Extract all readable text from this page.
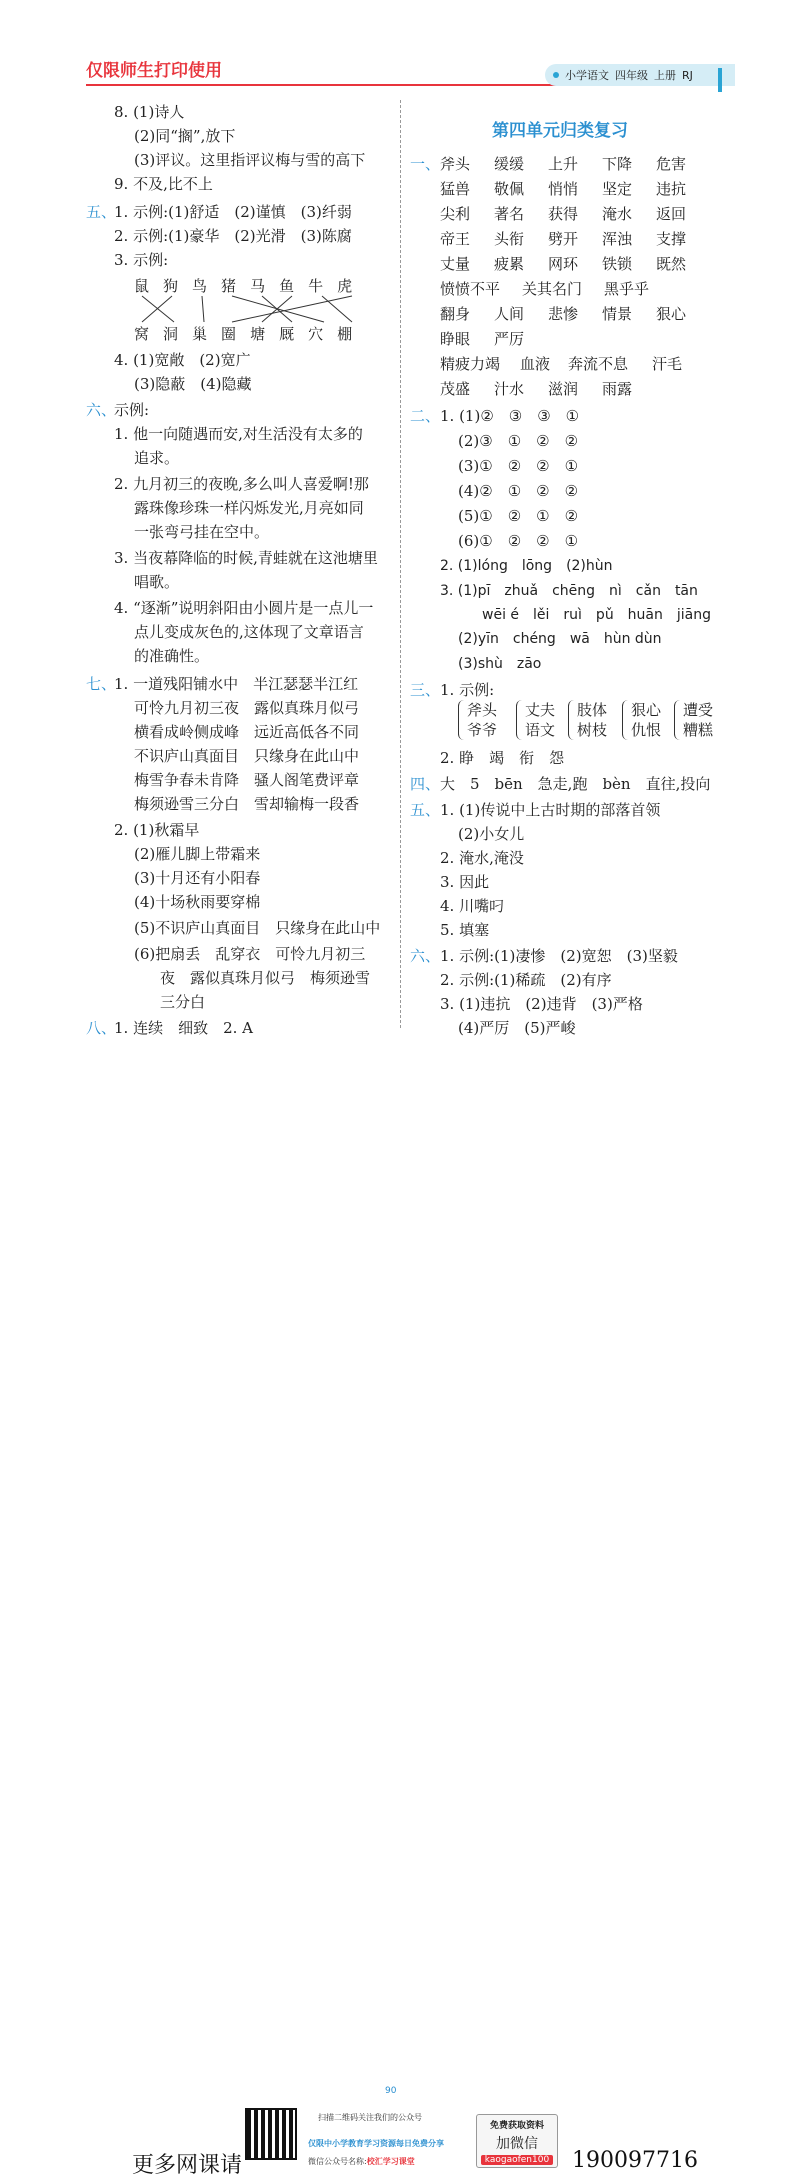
仅限师生打印使用	小学语文 四年级 上册 RJ
8. (1)诗人
(2)同“搁”,放下
(3)评议。这里指评议梅与雪的高下
9. 不及,比不上
五、
1. 示例:(1)舒适　(2)谨慎　(3)纤弱
2. 示例:(1)豪华　(2)光滑　(3)陈腐
3. 示例:
鼠狗鸟猪马鱼牛虎
窝洞巢圈塘厩穴棚
4. (1)宽敞　(2)宽广
(3)隐蔽　(4)隐藏
六、
示例:
1. 他一向随遇而安,对生活没有太多的
追求。
2. 九月初三的夜晚,多么叫人喜爱啊!那
露珠像珍珠一样闪烁发光,月亮如同
一张弯弓挂在空中。
3. 当夜幕降临的时候,青蛙就在这池塘里
唱歌。
4. “逐渐”说明斜阳由小圆片是一点儿一
点儿变成灰色的,这体现了文章语言
的准确性。
七、
1. 一道残阳铺水中　半江瑟瑟半江红
可怜九月初三夜　露似真珠月似弓
横看成岭侧成峰　远近高低各不同
不识庐山真面目　只缘身在此山中
梅雪争春未肯降　骚人阁笔费评章
梅须逊雪三分白　雪却输梅一段香
2. (1)秋霜早
(2)雁儿脚上带霜来
(3)十月还有小阳春
(4)十场秋雨要穿棉
(5)不识庐山真面目　只缘身在此山中
(6)把扇丢　乱穿衣　可怜九月初三
夜　露似真珠月似弓　梅须逊雪
三分白
八、
1. 连续　细致　2. A
第四单元归类复习
一、 斧头 缓缓 上升 下降 危害
猛兽 敬佩 悄悄 坚定 违抗
尖利 著名 获得 淹水 返回
帝王 头衔 劈开 浑浊 支撑
丈量 疲累 网环 铁锁 既然
愤愤不平 关其名门 黑乎乎
翻身 人间 悲惨 情景 狠心
睁眼 严厉
精疲力竭 血液 奔流不息 汗毛
茂盛 汁水 滋润 雨露
二、 1. (1)②　③　③　①
(2)③　①　②　②
(3)①　②　②　①
(4)②　①　②　②
(5)①　②　①　②
(6)①　②　②　①
2. (1)lóng　lōng　(2)hùn
3. (1)pī　zhuǎ　chēng　nì　cǎn　tān
wēi é　lěi　ruì　pǔ　huān　jiāng
(2)yīn　chéng　wā　hùn dùn
(3)shù　zāo
三、 1. 示例:
斧头
爷爷
丈夫
语文
肢体
树枝
狠心
仇恨
遭受
糟糕
2. 睁　竭　衔　怨
四、 大　5　bēn　急走,跑　bèn　直往,投向
五、 1. (1)传说中上古时期的部落首领
(2)小女儿
2. 淹水,淹没
3. 因此
4. 川嘴叼
5. 填塞
六、 1. 示例:(1)凄惨　(2)宽恕　(3)坚毅
2. 示例:(1)稀疏　(2)有序
3. (1)违抗　(2)违背　(3)严格
(4)严厉　(5)严峻
90
扫描二维码关注我们的公众号
仅限中小学教育学习资源每日免费分享
微信公众号名称:校汇学习课堂
免费获取资料
加微信
kaogaofen100
更多网课请	190097716
